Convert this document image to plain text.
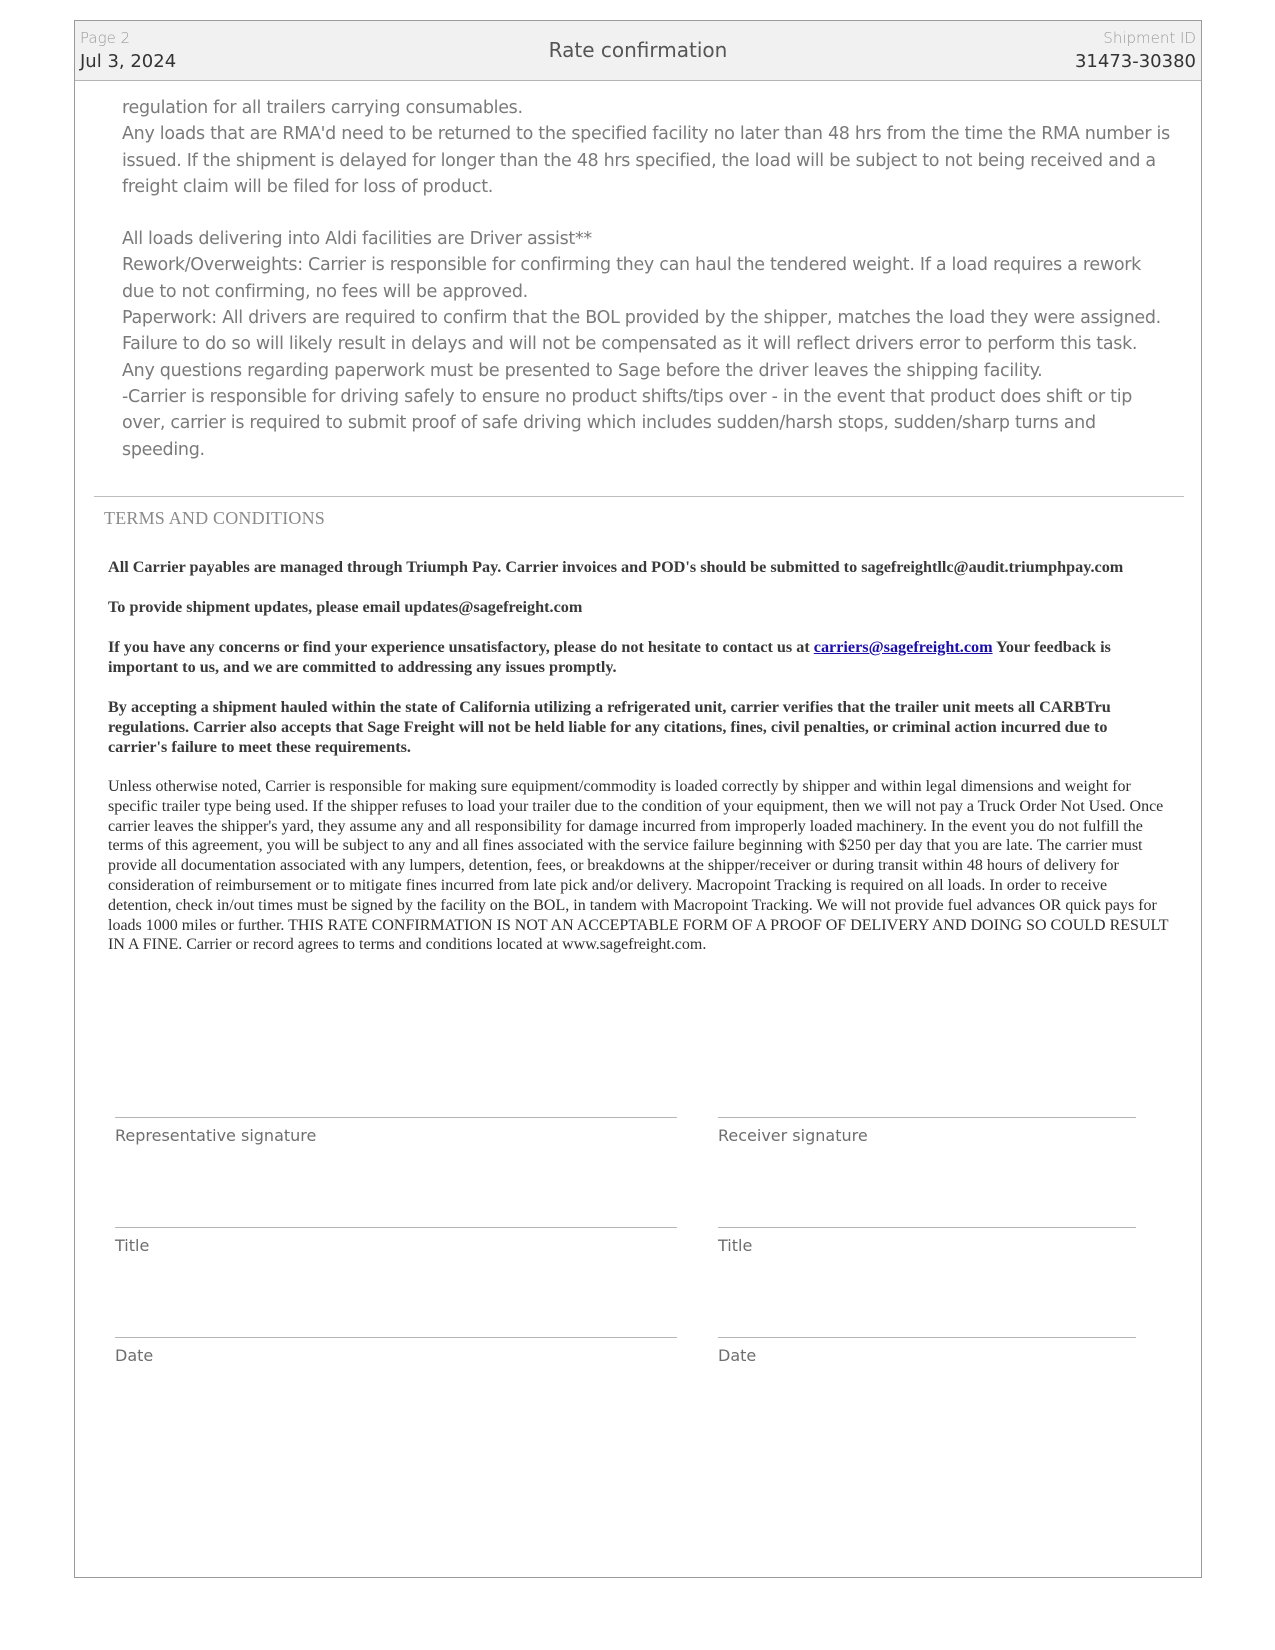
Page 2
Jul 3, 2024	Rate confirmation	Shipment ID
31473-30380

regulation for all trailers carrying consumables.

Any loads that are RMA'd need to be returned to the specified facility no later than 48 hrs from the time the RMA number is issued. If the shipment is delayed for longer than the 48 hrs specified, the load will be subject to not being received and a freight claim will be filed for loss of product.

All loads delivering into Aldi facilities are Driver assist**

Rework/Overweights: Carrier is responsible for confirming they can haul the tendered weight. If a load requires a rework due to not confirming, no fees will be approved.

Paperwork: All drivers are required to confirm that the BOL provided by the shipper, matches the load they were assigned. Failure to do so will likely result in delays and will not be compensated as it will reflect drivers error to perform this task. Any questions regarding paperwork must be presented to Sage before the driver leaves the shipping facility.

-Carrier is responsible for driving safely to ensure no product shifts/tips over - in the event that product does shift or tip over, carrier is required to submit proof of safe driving which includes sudden/harsh stops, sudden/sharp turns and speeding.

TERMS AND CONDITIONS

All Carrier payables are managed through Triumph Pay. Carrier invoices and POD's should be submitted to sagefreightllc@audit.triumphpay.com

To provide shipment updates, please email updates@sagefreight.com

If you have any concerns or find your experience unsatisfactory, please do not hesitate to contact us at carriers@sagefreight.com Your feedback is important to us, and we are committed to addressing any issues promptly.

By accepting a shipment hauled within the state of California utilizing a refrigerated unit, carrier verifies that the trailer unit meets all CARBTru regulations. Carrier also accepts that Sage Freight will not be held liable for any citations, fines, civil penalties, or criminal action incurred due to carrier's failure to meet these requirements.

Unless otherwise noted, Carrier is responsible for making sure equipment/commodity is loaded correctly by shipper and within legal dimensions and weight for specific trailer type being used. If the shipper refuses to load your trailer due to the condition of your equipment, then we will not pay a Truck Order Not Used. Once carrier leaves the shipper's yard, they assume any and all responsibility for damage incurred from improperly loaded machinery. In the event you do not fulfill the terms of this agreement, you will be subject to any and all fines associated with the service failure beginning with $250 per day that you are late. The carrier must provide all documentation associated with any lumpers, detention, fees, or breakdowns at the shipper/receiver or during transit within 48 hours of delivery for consideration of reimbursement or to mitigate fines incurred from late pick and/or delivery. Macropoint Tracking is required on all loads. In order to receive detention, check in/out times must be signed by the facility on the BOL, in tandem with Macropoint Tracking. We will not provide fuel advances OR quick pays for loads 1000 miles or further. THIS RATE CONFIRMATION IS NOT AN ACCEPTABLE FORM OF A PROOF OF DELIVERY AND DOING SO COULD RESULT IN A FINE. Carrier or record agrees to terms and conditions located at www.sagefreight.com.

Representative signature	Receiver signature
Title	Title
Date	Date
